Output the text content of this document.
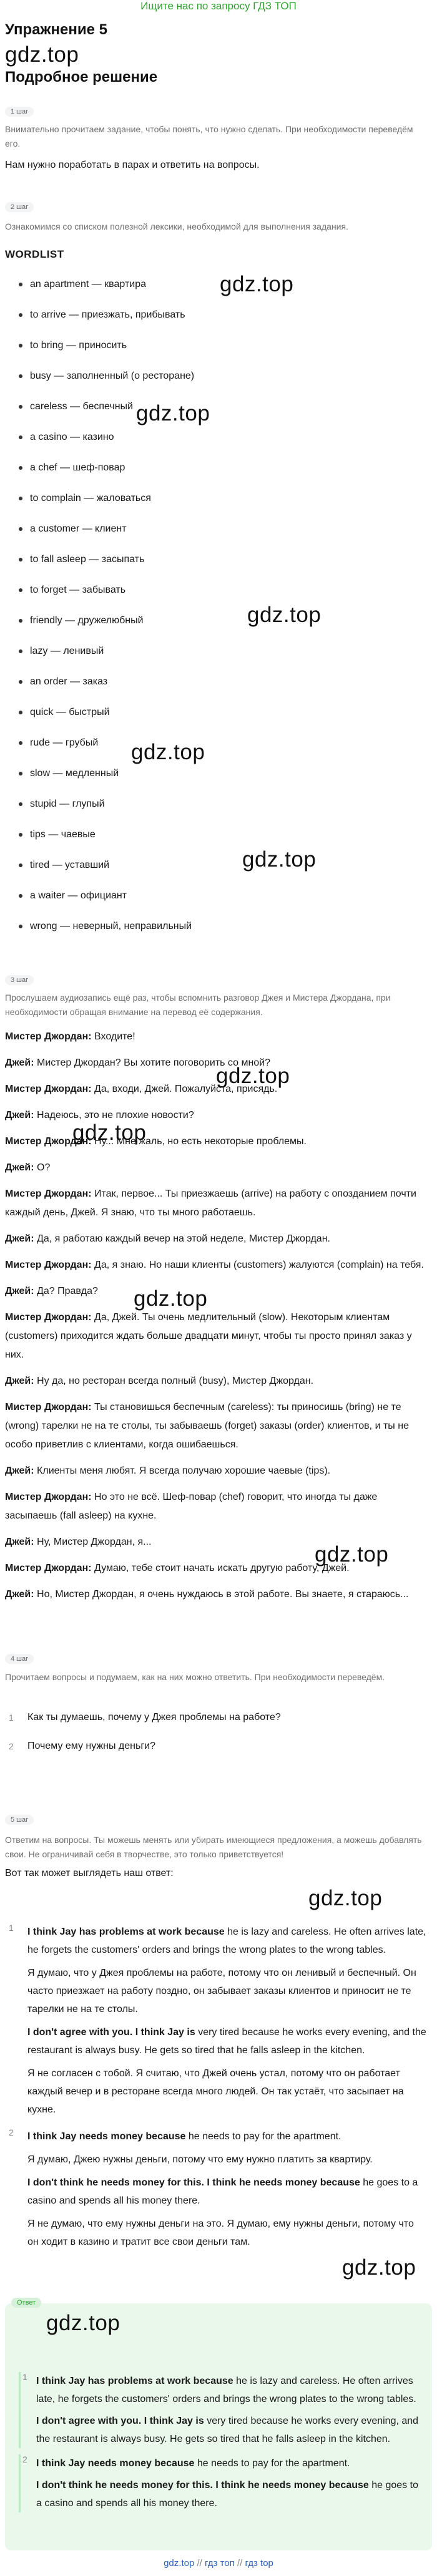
Ищите нас по запросу ГДЗ ТОП
Упражнение 5
gdz.top
Подробное решение
1 шаг
Внимательно прочитаем задание, чтобы понять, что нужно сделать. При необходимости переведём его.
Нам нужно поработать в парах и ответить на вопросы.
2 шаг
Ознакомимся со списком полезной лексики, необходимой для выполнения задания.
WORDLIST
an apartment — квартира
to arrive — приезжать, прибывать
to bring — приносить
busy — заполненный (о ресторане)
careless — беспечный
a casino — казино
a chef — шеф-повар
to complain — жаловаться
a customer — клиент
to fall asleep — засыпать
to forget — забывать
friendly — дружелюбный
lazy — ленивый
an order — заказ
quick — быстрый
rude — грубый
slow — медленный
stupid — глупый
tips — чаевые
tired — уставший
a waiter — официант
wrong — неверный, неправильный
gdz.top
gdz.top
gdz.top
gdz.top
gdz.top
3 шаг
Прослушаем аудиозапись ещё раз, чтобы вспомнить разговор Джея и Мистера Джордана, при необходимости обращая внимание на перевод её содержания.

Мистер Джордан: Входите!

Джей: Мистер Джордан? Вы хотите поговорить со мной?

Мистер Джордан: Да, входи, Джей. Пожалуйста, присядь.

Джей: Надеюсь, это не плохие новости?

Мистер Джордан: Ну... Мне жаль, но есть некоторые проблемы.

Джей: О?

Мистер Джордан: Итак, первое... Ты приезжаешь (arrive) на работу с опозданием почти каждый день, Джей. Я знаю, что ты много работаешь.

Джей: Да, я работаю каждый вечер на этой неделе, Мистер Джордан.

Мистер Джордан: Да, я знаю. Но наши клиенты (customers) жалуются (complain) на тебя.

Джей: Да? Правда?

Мистер Джордан: Да, Джей. Ты очень медлительный (slow). Некоторым клиентам (customers) приходится ждать больше двадцати минут, чтобы ты просто принял заказ у них.

Джей: Ну да, но ресторан всегда полный (busy), Мистер Джордан.

Мистер Джордан: Ты становишься беспечным (careless): ты приносишь (bring) не те (wrong) тарелки не на те столы, ты забываешь (forget) заказы (order) клиентов, и ты не особо приветлив с клиентами, когда ошибаешься.

Джей: Клиенты меня любят. Я всегда получаю хорошие чаевые (tips).

Мистер Джордан: Но это не всё. Шеф-повар (chef) говорит, что иногда ты даже засыпаешь (fall asleep) на кухне.

Джей: Ну, Мистер Джордан, я...

Мистер Джордан: Думаю, тебе стоит начать искать другую работу, Джей.

Джей: Но, Мистер Джордан, я очень нуждаюсь в этой работе. Вы знаете, я стараюсь...

gdz.top
gdz.top
gdz.top
gdz.top
4 шаг
Прочитаем вопросы и подумаем, как на них можно ответить. При необходимости переведём.
1 Как ты думаешь, почему у Джея проблемы на работе?
2 Почему ему нужны деньги?
5 шаг
Ответим на вопросы. Ты можешь менять или убирать имеющиеся предложения, а можешь добавлять свои. Не ограничивай себя в творчестве, это только приветствуется!
Вот так может выглядеть наш ответ:
gdz.top
1 I think Jay has problems at work because he is lazy and careless. He often arrives late, he forgets the customers' orders and brings the wrong plates to the wrong tables.

Я думаю, что у Джея проблемы на работе, потому что он ленивый и беспечный. Он часто приезжает на работу поздно, он забывает заказы клиентов и приносит не те тарелки не на те столы.

I don't agree with you. I think Jay is very tired because he works every evening, and the restaurant is always busy. He gets so tired that he falls asleep in the kitchen.

Я не согласен с тобой. Я считаю, что Джей очень устал, потому что он работает каждый вечер и в ресторане всегда много людей. Он так устаёт, что засыпает на кухне.

2 I think Jay needs money because he needs to pay for the apartment.

Я думаю, Джею нужны деньги, потому что ему нужно платить за квартиру.

I don't think he needs money for this. I think he needs money because he goes to a casino and spends all his money there.

Я не думаю, что ему нужны деньги на это. Я думаю, ему нужны деньги, потому что он ходит в казино и тратит все свои деньги там.

gdz.top
Ответ
gdz.top
1 I think Jay has problems at work because he is lazy and careless. He often arrives late, he forgets the customers' orders and brings the wrong plates to the wrong tables.

I don't agree with you. I think Jay is very tired because he works every evening, and the restaurant is always busy. He gets so tired that he falls asleep in the kitchen.

2 I think Jay needs money because he needs to pay for the apartment.

I don't think he needs money for this. I think he needs money because he goes to a casino and spends all his money there.

gdz.top // гдз топ // гдз top
